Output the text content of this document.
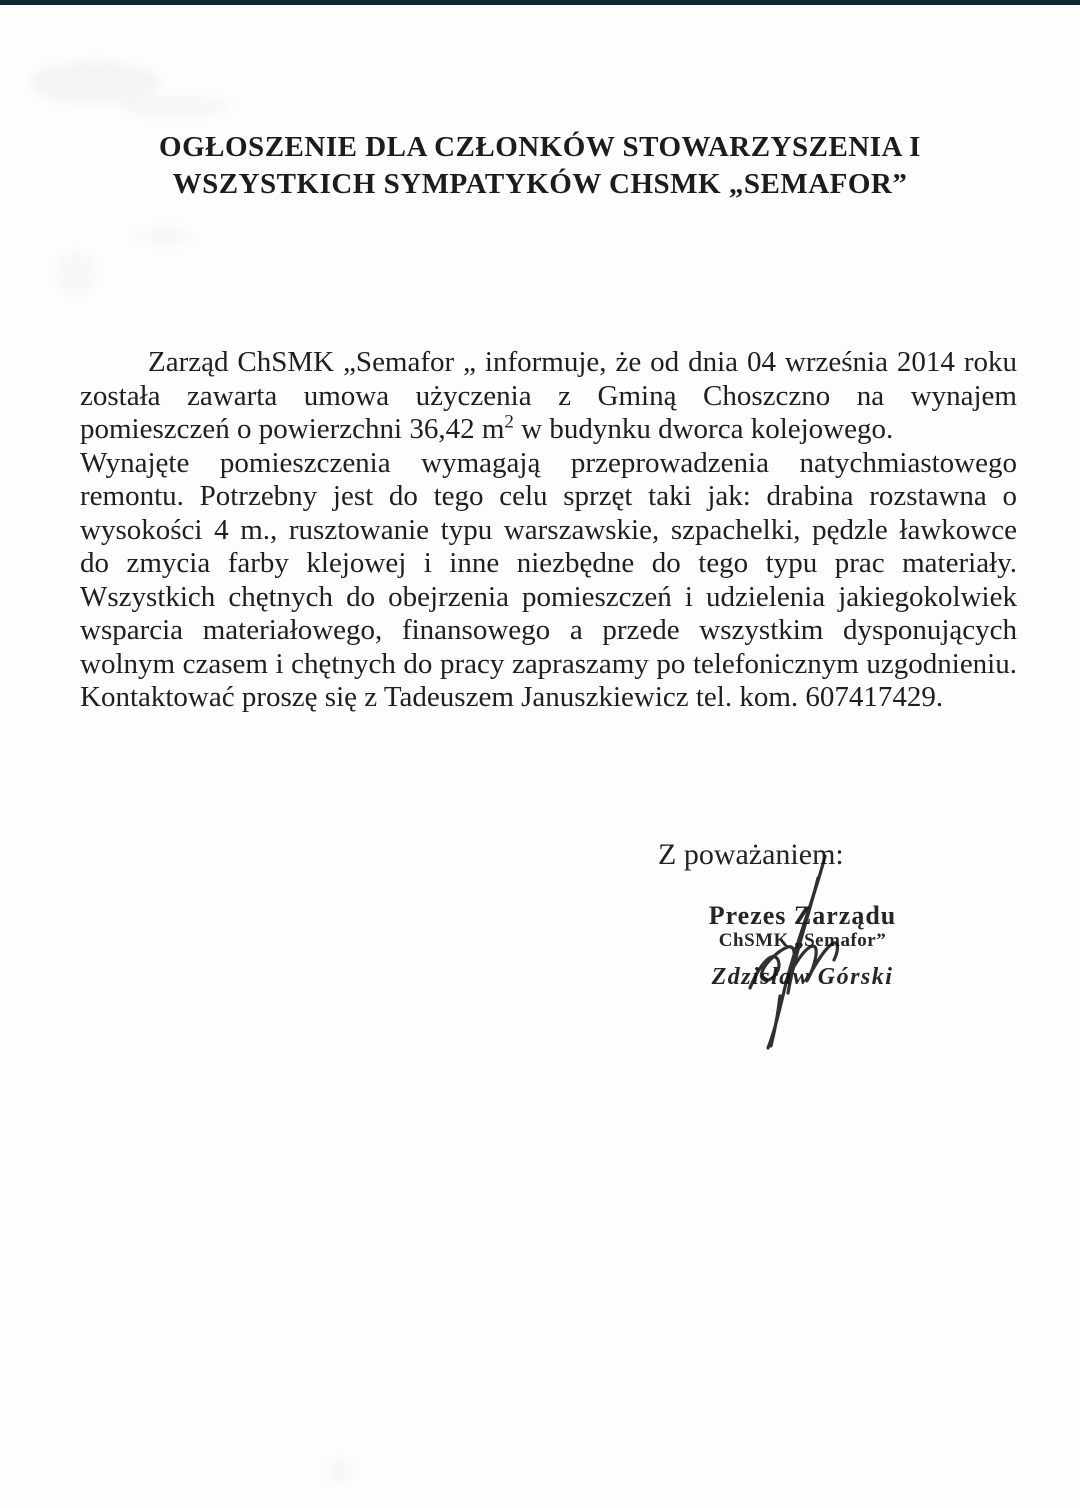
OGŁOSZENIE DLA CZŁONKÓW STOWARZYSZENIA I
WSZYSTKICH SYMPATYKÓW CHSMK „SEMAFOR”

Zarząd ChSMK „Semafor „ informuje, że od dnia 04 września 2014 roku została zawarta umowa użyczenia z Gminą Choszczno na wynajem pomieszczeń o powierzchni 36,42 $m^2$ w budynku dworca kolejowego.

Wynajęte pomieszczenia wymagają przeprowadzenia natychmiastowego remontu. Potrzebny jest do tego celu sprzęt taki jak: drabina rozstawna o wysokości 4 m., rusztowanie typu warszawskie, szpachelki, pędzle ławkowce do zmycia farby klejowej i inne niezbędne do tego typu prac materiały. Wszystkich chętnych do obejrzenia pomieszczeń i udzielenia jakiegokolwiek wsparcia materiałowego, finansowego a przede wszystkim dysponujących wolnym czasem i chętnych do pracy zapraszamy po telefonicznym uzgodnieniu. Kontaktować proszę się z Tadeuszem Januszkiewicz tel. kom. 607417429.

Z poważaniem:
Prezes Zarządu
ChSMK „Semafor”
Zdzisław Górski
